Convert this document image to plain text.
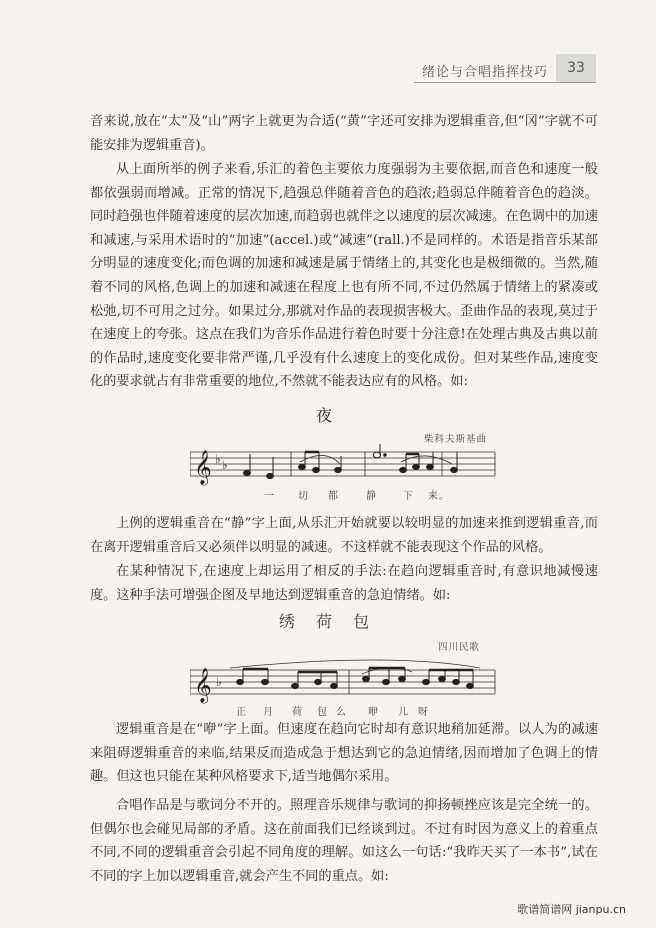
绪论与合唱指挥技巧	33

音来说,放在“太”及“山”两字上就更为合适(“黄”字还可安排为逻辑重音,但“冈”字就不可能安排为逻辑重音)。

从上面所举的例子来看,乐汇的着色主要依力度强弱为主要依据,而音色和速度一般都依强弱而增减。正常的情况下,趋强总伴随着音色的趋浓;趋弱总伴随着音色的趋淡。同时趋强也伴随着速度的层次加速,而趋弱也就伴之以速度的层次减速。在色调中的加速和减速,与采用术语时的“加速”(accel.)或“减速”(rall.)不是同样的。术语是指音乐某部分明显的速度变化;而色调的加速和减速是属于情绪上的,其变化也是极细微的。当然,随着不同的风格,色调上的加速和减速在程度上也有所不同,不过仍然属于情绪上的紧凑或松弛,切不可用之过分。如果过分,那就对作品的表现损害极大。歪曲作品的表现,莫过于在速度上的夸张。这点在我们为音乐作品进行着色时要十分注意!在处理古典及古典以前的作品时,速度变化要非常严谨,几乎没有什么速度上的变化成份。但对某些作品,速度变化的要求就占有非常重要的地位,不然就不能表达应有的风格。如:

夜
柴科夫斯基曲
𝄞 ♭ ♭
一 切 都	静	下 来。

上例的逻辑重音在“静”字上面,从乐汇开始就要以较明显的加速来推到逻辑重音,而在离开逻辑重音后又必须伴以明显的减速。不这样就不能表现这个作品的风格。

在某种情况下,在速度上却运用了相反的手法:在趋向逻辑重音时,有意识地减慢速度。这种手法可增强企图及早地达到逻辑重音的急迫情绪。如:

绣 荷 包
四川民歌
𝄞 ♭
正 月 荷 包 么 咿 儿 呀

逻辑重音是在“咿”字上面。但速度在趋向它时却有意识地稍加延滞。以人为的减速来阻碍逻辑重音的来临,结果反而造成急于想达到它的急迫情绪,因而增加了色调上的情趣。但这也只能在某种风格要求下,适当地偶尔采用。

合唱作品是与歌词分不开的。照理音乐规律与歌词的抑扬顿挫应该是完全统一的。但偶尔也会碰见局部的矛盾。这在前面我们已经谈到过。不过有时因为意义上的着重点不同,不同的逻辑重音会引起不同角度的理解。如这么一句话:“我昨天买了一本书”,试在不同的字上加以逻辑重音,就会产生不同的重点。如:

歌谱简谱网 jianpu.cn
